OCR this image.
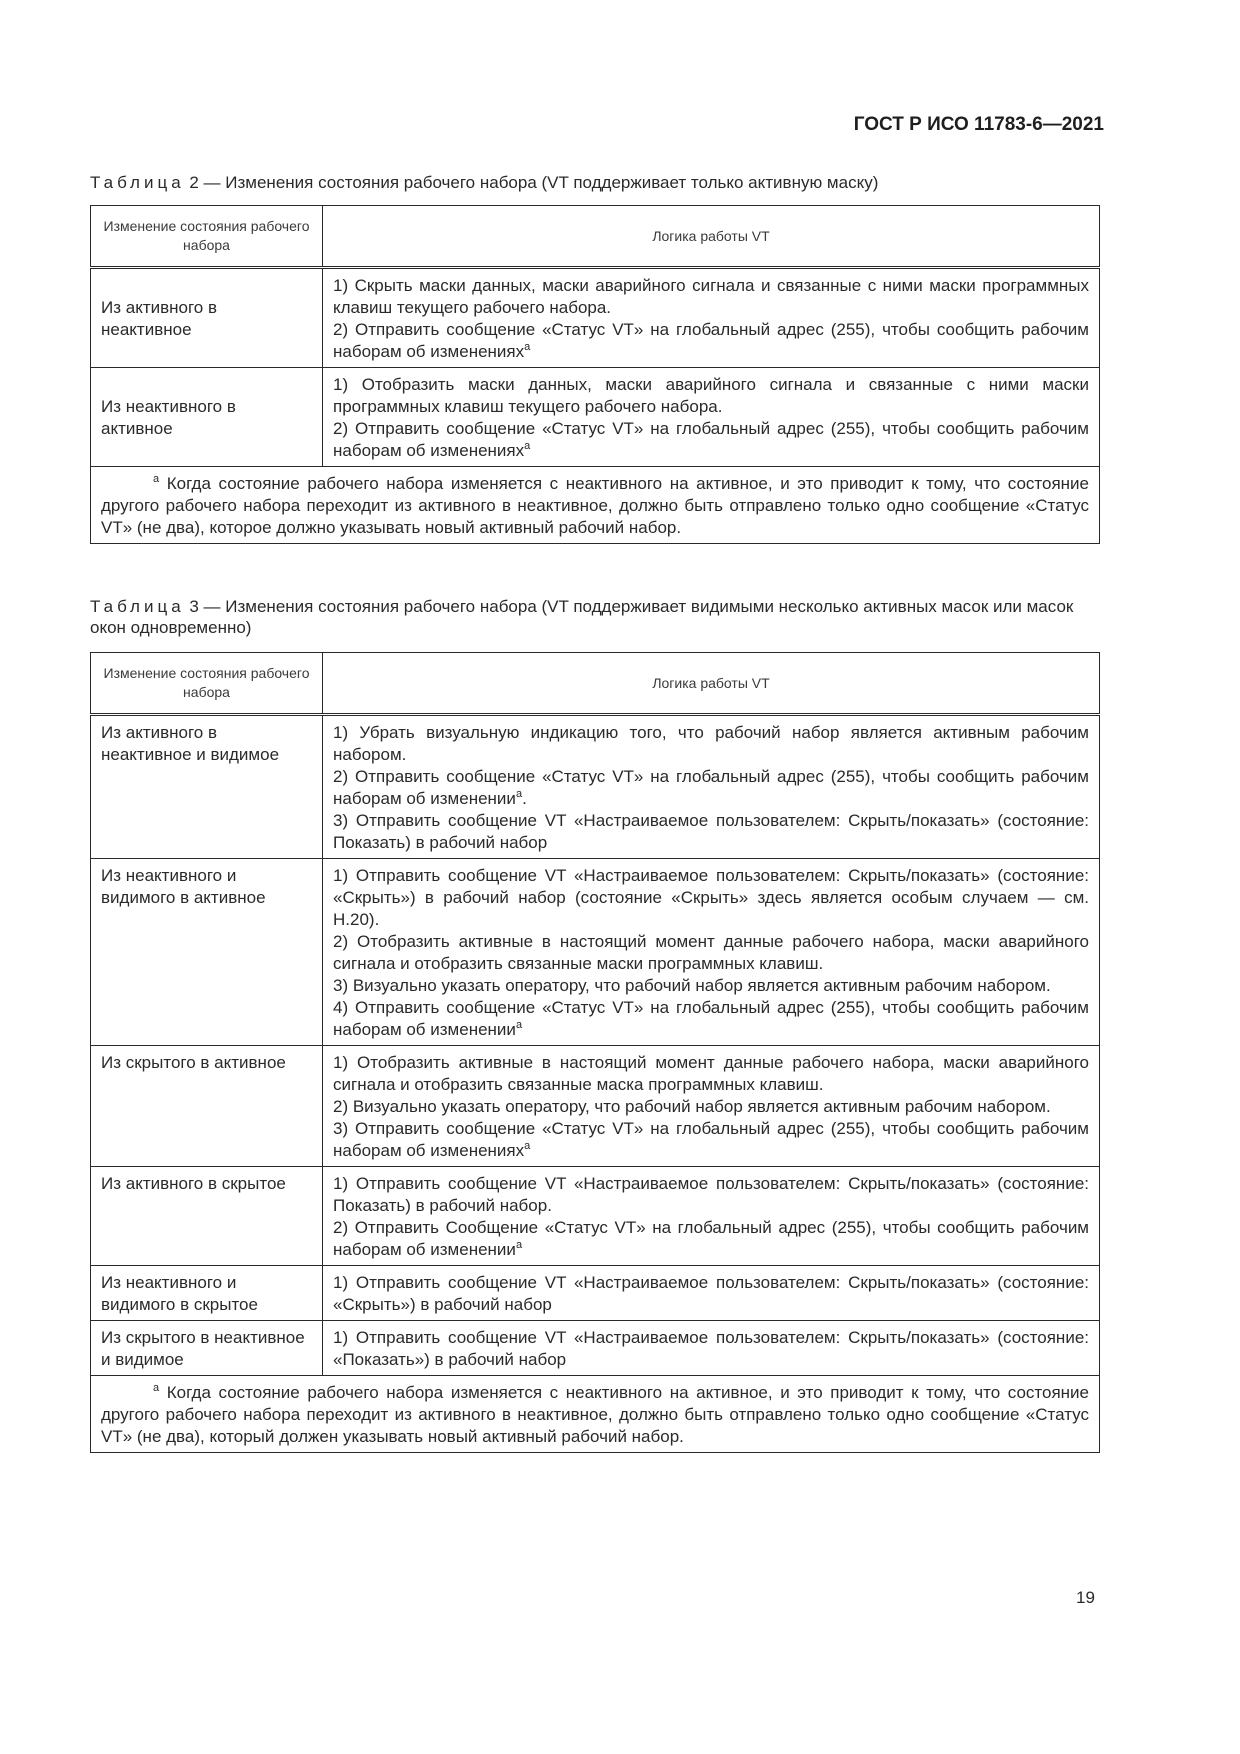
ГОСТ Р ИСО 11783-6—2021
Таблица 2 — Изменения состояния рабочего набора (VT поддерживает только активную маску)
Изменение состояния рабочего набора	Логика работы VT
Из активного в неактивное	1) Скрыть маски данных, маски аварийного сигнала и связанные с ними маски программных клавиш текущего рабочего набора.
2) Отправить сообщение «Статус VT» на глобальный адрес (255), чтобы сообщить рабочим наборам об изменениях$^a$

Из неактивного в активное	1) Отобразить маски данных, маски аварийного сигнала и связанные с ними маски программных клавиш текущего рабочего набора.
2) Отправить сообщение «Статус VT» на глобальный адрес (255), чтобы сообщить рабочим наборам об изменениях$^a$

$^a$ Когда состояние рабочего набора изменяется с неактивного на активное, и это приводит к тому, что состояние другого рабочего набора переходит из активного в неактивное, должно быть отправлено только одно сообщение «Статус VT» (не два), которое должно указывать новый активный рабочий набор.	
Таблица 3 — Изменения состояния рабочего набора (VT поддерживает видимыми несколько активных масок или масок окон одновременно)
Изменение состояния рабочего набора	Логика работы VT
Из активного в неактивное и видимое	1) Убрать визуальную индикацию того, что рабочий набор является активным рабочим набором.
2) Отправить сообщение «Статус VT» на глобальный адрес (255), чтобы сообщить рабочим наборам об изменении$^a$.
3) Отправить сообщение VT «Настраиваемое пользователем: Скрыть/показать» (состояние: Показать) в рабочий набор

Из неактивного и видимого в активное	1) Отправить сообщение VT «Настраиваемое пользователем: Скрыть/показать» (состояние: «Скрыть») в рабочий набор (состояние «Скрыть» здесь является особым случаем — см. Н.20).
2) Отобразить активные в настоящий момент данные рабочего набора, маски аварийного сигнала и отобразить связанные маски программных клавиш.
3) Визуально указать оператору, что рабочий набор является активным рабочим набором.
4) Отправить сообщение «Статус VT» на глобальный адрес (255), чтобы сообщить рабочим наборам об изменении$^a$

Из скрытого в активное	1) Отобразить активные в настоящий момент данные рабочего набора, маски аварийного сигнала и отобразить связанные маска программных клавиш.
2) Визуально указать оператору, что рабочий набор является активным рабочим набором.
3) Отправить сообщение «Статус VT» на глобальный адрес (255), чтобы сообщить рабочим наборам об изменениях$^a$

Из активного в скрытое	1) Отправить сообщение VT «Настраиваемое пользователем: Скрыть/показать» (состояние: Показать) в рабочий набор.
2) Отправить Сообщение «Статус VT» на глобальный адрес (255), чтобы сообщить рабочим наборам об изменении$^a$

Из неактивного и видимого в скрытое	1) Отправить сообщение VT «Настраиваемое пользователем: Скрыть/показать» (состояние: «Скрыть») в рабочий набор

Из скрытого в неактивное и видимое	1) Отправить сообщение VT «Настраиваемое пользователем: Скрыть/показать» (состояние: «Показать») в рабочий набор

$^a$ Когда состояние рабочего набора изменяется с неактивного на активное, и это приводит к тому, что состояние другого рабочего набора переходит из активного в неактивное, должно быть отправлено только одно сообщение «Статус VT» (не два), который должен указывать новый активный рабочий набор.	
19
